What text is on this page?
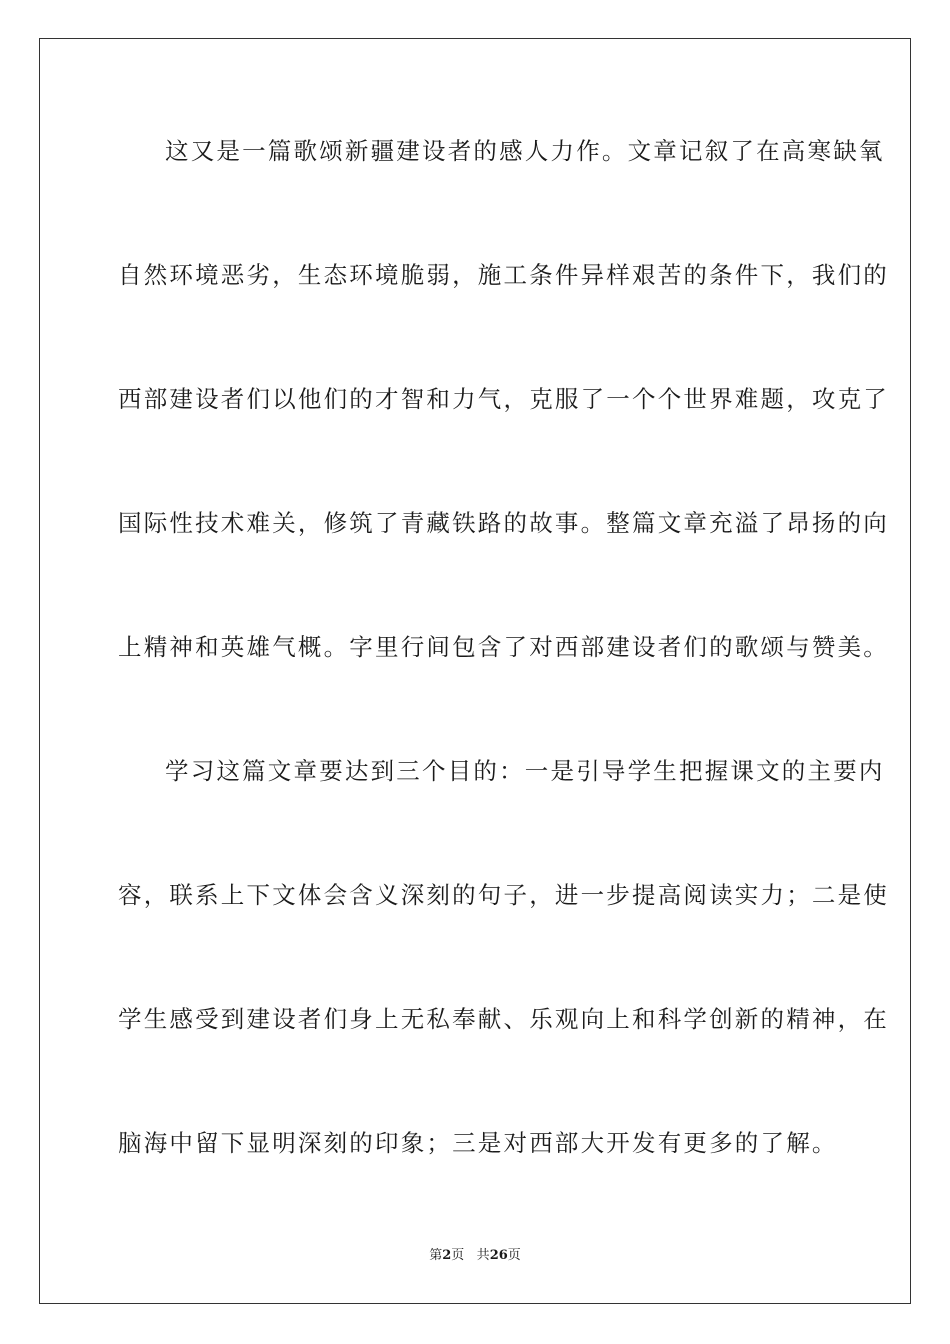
这又是一篇歌颂新疆建设者的感人力作。文章记叙了在高寒缺氧
自然环境恶劣，生态环境脆弱，施工条件异样艰苦的条件下，我们的
西部建设者们以他们的才智和力气，克服了一个个世界难题，攻克了
国际性技术难关，修筑了青藏铁路的故事。整篇文章充溢了昂扬的向
上精神和英雄气概。字里行间包含了对西部建设者们的歌颂与赞美。
学习这篇文章要达到三个目的：一是引导学生把握课文的主要内
容，联系上下文体会含义深刻的句子，进一步提高阅读实力；二是使
学生感受到建设者们身上无私奉献、乐观向上和科学创新的精神，在
脑海中留下显明深刻的印象；三是对西部大开发有更多的了解。
第2页 共26页
